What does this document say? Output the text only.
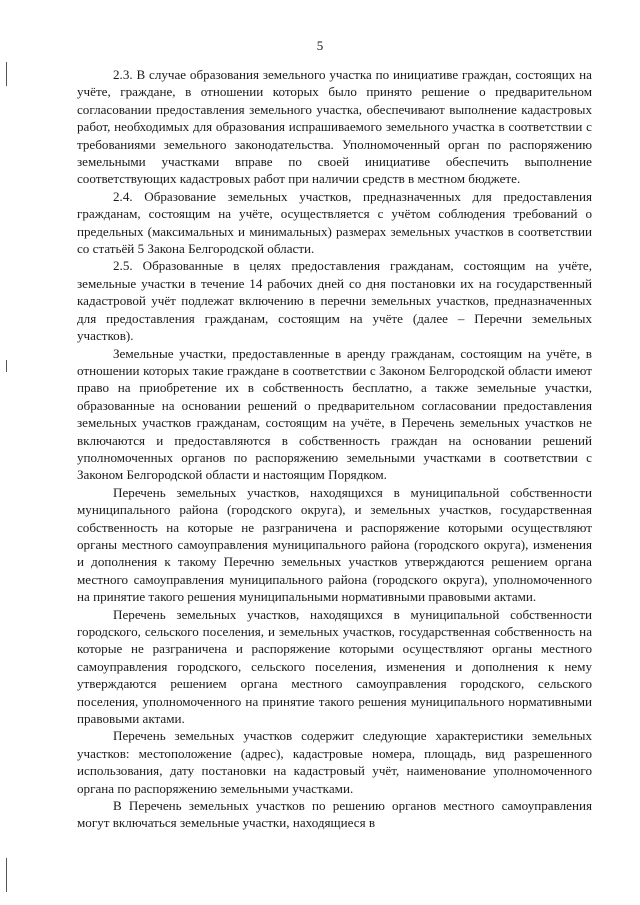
5

2.3. В случае образования земельного участка по инициативе граждан, состоящих на учёте, граждане, в отношении которых было принято решение о предварительном согласовании предоставления земельного участка, обеспечивают выполнение кадастровых работ, необходимых для образования испрашиваемого земельного участка в соответствии с требованиями земельного законодательства. Уполномоченный орган по распоряжению земельными участками вправе по своей инициативе обеспечить выполнение соответствующих кадастровых работ при наличии средств в местном бюджете.

2.4. Образование земельных участков, предназначенных для предоставления гражданам, состоящим на учёте, осуществляется с учётом соблюдения требований о предельных (максимальных и минимальных) размерах земельных участков в соответствии со статьёй 5 Закона Белгородской области.

2.5. Образованные в целях предоставления гражданам, состоящим на учёте, земельные участки в течение 14 рабочих дней со дня постановки их на государственный кадастровой учёт подлежат включению в перечни земельных участков, предназначенных для предоставления гражданам, состоящим на учёте (далее – Перечни земельных участков).

Земельные участки, предоставленные в аренду гражданам, состоящим на учёте, в отношении которых такие граждане в соответствии с Законом Белгородской области имеют право на приобретение их в собственность бесплатно, а также земельные участки, образованные на основании решений о предварительном согласовании предоставления земельных участков гражданам, состоящим на учёте, в Перечень земельных участков не включаются и предоставляются в собственность граждан на основании решений уполномоченных органов по распоряжению земельными участками в соответствии с Законом Белгородской области и настоящим Порядком.

Перечень земельных участков, находящихся в муниципальной собственности муниципального района (городского округа), и земельных участков, государственная собственность на которые не разграничена и распоряжение которыми осуществляют органы местного самоуправления муниципального района (городского округа), изменения и дополнения к такому Перечню земельных участков утверждаются решением органа местного самоуправления муниципального района (городского округа), уполномоченного на принятие такого решения муниципальными нормативными правовыми актами.

Перечень земельных участков, находящихся в муниципальной собственности городского, сельского поселения, и земельных участков, государственная собственность на которые не разграничена и распоряжение которыми осуществляют органы местного самоуправления городского, сельского поселения, изменения и дополнения к нему утверждаются решением органа местного самоуправления городского, сельского поселения, уполномоченного на принятие такого решения муниципального нормативными правовыми актами.

Перечень земельных участков содержит следующие характеристики земельных участков: местоположение (адрес), кадастровые номера, площадь, вид разрешенного использования, дату постановки на кадастровый учёт, наименование уполномоченного органа по распоряжению земельными участками.

В Перечень земельных участков по решению органов местного самоуправления могут включаться земельные участки, находящиеся в
